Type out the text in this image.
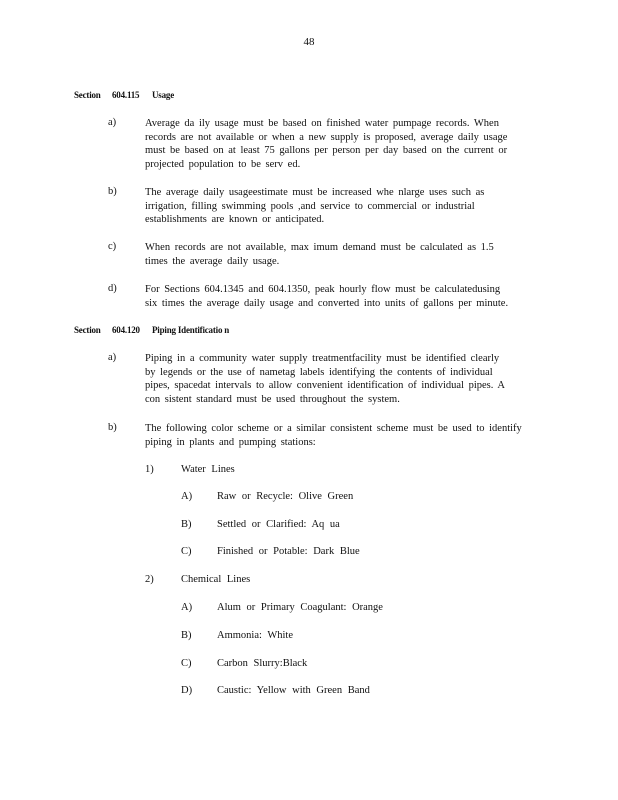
48
Section 604.115 Usage
a)	Average da ily usage must be based on finished water pumpage records. When
records are not available or when a new supply is proposed, average daily usage
must be based on at least 75 gallons per person per day based on the current or
projected population to be serv ed.
b)	The average daily usageestimate must be increased whe nlarge uses such as
irrigation, filling swimming pools ,and service to commercial or industrial
establishments are known or anticipated.
c)	When records are not available, max imum demand must be calculated as 1.5
times the average daily usage.
d)	For Sections 604.1345 and 604.1350, peak hourly flow must be calculatedusing
six times the average daily usage and converted into units of gallons per minute.
Section 604.120 Piping Identificatio n
a)	Piping in a community water supply treatmentfacility must be identified clearly
by legends or the use of nametag labels identifying the contents of individual
pipes, spacedat intervals to allow convenient identification of individual pipes. A
con sistent standard must be used throughout the system.
b)	The following color scheme or a similar consistent scheme must be used to identify
piping in plants and pumping stations:
1)	Water Lines
A) Raw or Recycle: Olive Green
B) Settled or Clarified: Aq ua
C) Finished or Potable: Dark Blue
2)	Chemical Lines
A) Alum or Primary Coagulant: Orange
B) Ammonia: White
C) Carbon Slurry:Black
D) Caustic: Yellow with Green Band
